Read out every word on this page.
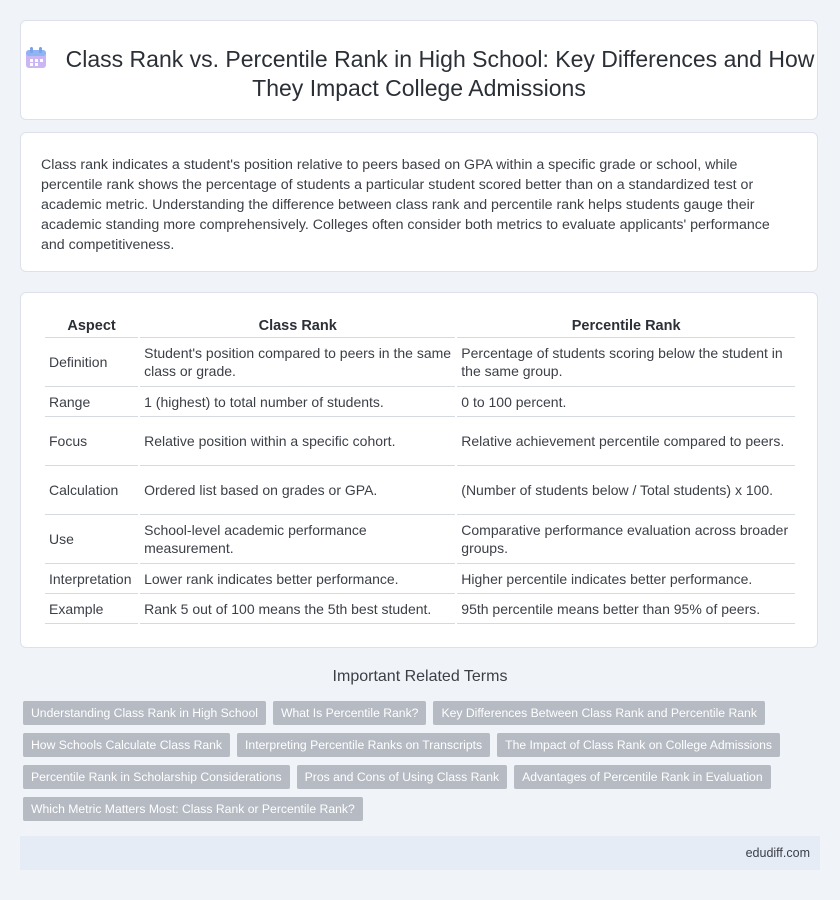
Class Rank vs. Percentile Rank in High School: Key Differences and How They Impact College Admissions
Class rank indicates a student's position relative to peers based on GPA within a specific grade or school, while percentile rank shows the percentage of students a particular student scored better than on a standardized test or academic metric. Understanding the difference between class rank and percentile rank helps students gauge their academic standing more comprehensively. Colleges often consider both metrics to evaluate applicants' performance and competitiveness.
Aspect	Class Rank	Percentile Rank
Definition	Student's position compared to peers in the same class or grade.	Percentage of students scoring below the student in the same group.
Range	1 (highest) to total number of students.	0 to 100 percent.
Focus	Relative position within a specific cohort.	Relative achievement percentile compared to peers.
Calculation	Ordered list based on grades or GPA.	(Number of students below / Total students) x 100.
Use	School-level academic performance measurement.	Comparative performance evaluation across broader groups.
Interpretation	Lower rank indicates better performance.	Higher percentile indicates better performance.
Example	Rank 5 out of 100 means the 5th best student.	95th percentile means better than 95% of peers.
Important Related Terms
Understanding Class Rank in High School	What Is Percentile Rank?	Key Differences Between Class Rank and Percentile Rank
How Schools Calculate Class Rank	Interpreting Percentile Ranks on Transcripts	The Impact of Class Rank on College Admissions
Percentile Rank in Scholarship Considerations	Pros and Cons of Using Class Rank	Advantages of Percentile Rank in Evaluation
Which Metric Matters Most: Class Rank or Percentile Rank?
edudiff.com
